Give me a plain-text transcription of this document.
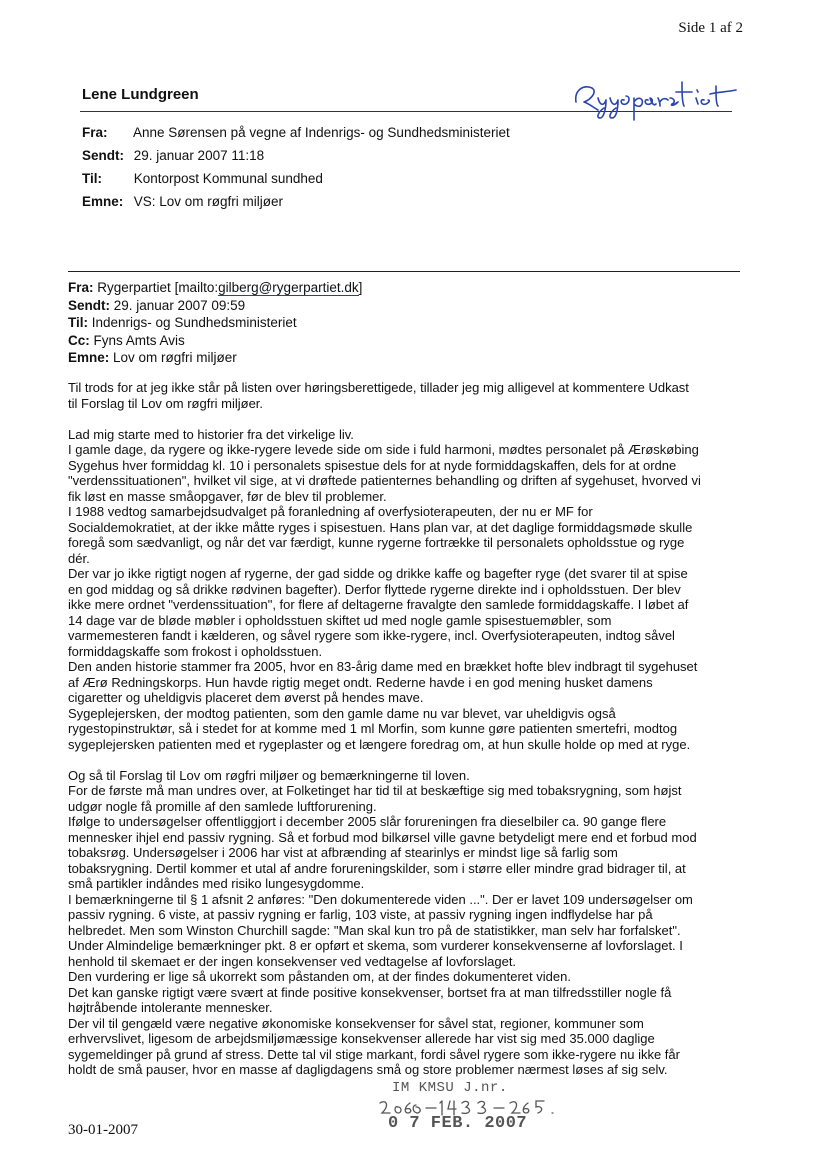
Side 1 af 2
Lene Lundgreen
Fra: Anne Sørensen på vegne af Indenrigs- og Sundhedsministeriet
Sendt: 29. januar 2007 11:18
Til: Kontorpost Kommunal sundhed
Emne: VS: Lov om røgfri miljøer
Fra: Rygerpartiet [mailto:gilberg@rygerpartiet.dk]
Sendt: 29. januar 2007 09:59
Til: Indenrigs- og Sundhedsministeriet
Cc: Fyns Amts Avis
Emne: Lov om røgfri miljøer

Til trods for at jeg ikke står på listen over høringsberettigede, tillader jeg mig alligevel at kommentere Udkast
til Forslag til Lov om røgfri miljøer.

Lad mig starte med to historier fra det virkelige liv.
I gamle dage, da rygere og ikke-rygere levede side om side i fuld harmoni, mødtes personalet på Ærøskøbing
Sygehus hver formiddag kl. 10 i personalets spisestue dels for at nyde formiddagskaffen, dels for at ordne
"verdenssituationen", hvilket vil sige, at vi drøftede patienternes behandling og driften af sygehuset, hvorved vi
fik løst en masse småopgaver, før de blev til problemer.
I 1988 vedtog samarbejdsudvalget på foranledning af overfysioterapeuten, der nu er MF for
Socialdemokratiet, at der ikke måtte ryges i spisestuen. Hans plan var, at det daglige formiddagsmøde skulle
foregå som sædvanligt, og når det var færdigt, kunne rygerne fortrække til personalets opholdsstue og ryge
dér.
Der var jo ikke rigtigt nogen af rygerne, der gad sidde og drikke kaffe og bagefter ryge (det svarer til at spise
en god middag og så drikke rødvinen bagefter). Derfor flyttede rygerne direkte ind i opholdsstuen. Der blev
ikke mere ordnet "verdenssituation", for flere af deltagerne fravalgte den samlede formiddagskaffe. I løbet af
14 dage var de bløde møbler i opholdsstuen skiftet ud med nogle gamle spisestuemøbler, som
varmemesteren fandt i kælderen, og såvel rygere som ikke-rygere, incl. Overfysioterapeuten, indtog såvel
formiddagskaffe som frokost i opholdsstuen.
Den anden historie stammer fra 2005, hvor en 83-årig dame med en brækket hofte blev indbragt til sygehuset
af Ærø Redningskorps. Hun havde rigtig meget ondt. Rederne havde i en god mening husket damens
cigaretter og uheldigvis placeret dem øverst på hendes mave.
Sygeplejersken, der modtog patienten, som den gamle dame nu var blevet, var uheldigvis også
rygestopinstruktør, så i stedet for at komme med 1 ml Morfin, som kunne gøre patienten smertefri, modtog
sygeplejersken patienten med et rygeplaster og et længere foredrag om, at hun skulle holde op med at ryge.

Og så til Forslag til Lov om røgfri miljøer og bemærkningerne til loven.
For de første må man undres over, at Folketinget har tid til at beskæftige sig med tobaksrygning, som højst
udgør nogle få promille af den samlede luftforurening.
Ifølge to undersøgelser offentliggjort i december 2005 slår forureningen fra dieselbiler ca. 90 gange flere
mennesker ihjel end passiv rygning. Så et forbud mod bilkørsel ville gavne betydeligt mere end et forbud mod
tobaksrøg. Undersøgelser i 2006 har vist at afbrænding af stearinlys er mindst lige så farlig som
tobaksrygning. Dertil kommer et utal af andre forureningskilder, som i større eller mindre grad bidrager til, at
små partikler indåndes med risiko lungesygdomme.
I bemærkningerne til § 1 afsnit 2 anføres: "Den dokumenterede viden ...". Der er lavet 109 undersøgelser om
passiv rygning. 6 viste, at passiv rygning er farlig, 103 viste, at passiv rygning ingen indflydelse har på
helbredet. Men som Winston Churchill sagde: "Man skal kun tro på de statistikker, man selv har forfalsket".
Under Almindelige bemærkninger pkt. 8 er opført et skema, som vurderer konsekvenserne af lovforslaget. I
henhold til skemaet er der ingen konsekvenser ved vedtagelse af lovforslaget.
Den vurdering er lige så ukorrekt som påstanden om, at der findes dokumenteret viden.
Det kan ganske rigtigt være svært at finde positive konsekvenser, bortset fra at man tilfredsstiller nogle få
højtråbende intolerante mennesker.
Der vil til gengæld være negative økonomiske konsekvenser for såvel stat, regioner, kommuner som
erhvervslivet, ligesom de arbejdsmiljømæssige konsekvenser allerede har vist sig med 35.000 daglige
sygemeldinger på grund af stress. Dette tal vil stige markant, fordi såvel rygere som ikke-rygere nu ikke får
holdt de små pauser, hvor en masse af dagligdagens små og store problemer nærmest løses af sig selv.

IM KMSU J.nr.
0 7 FEB. 2007
30-01-2007
